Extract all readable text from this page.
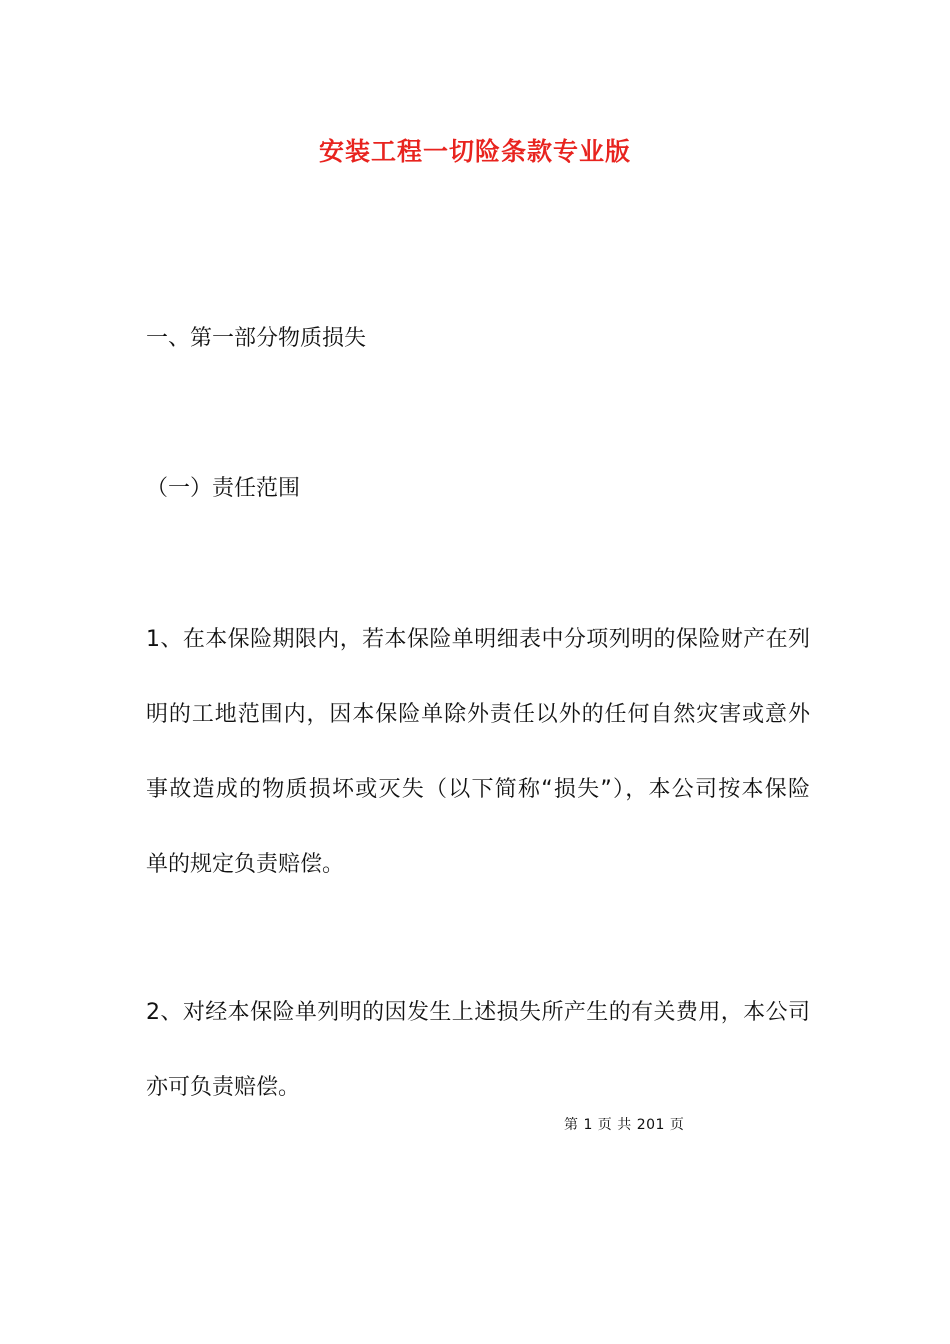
安装工程一切险条款专业版
一、第一部分物质损失
（一）责任范围
1、在本保险期限内，若本保险单明细表中分项列明的保险财产在列
明的工地范围内，因本保险单除外责任以外的任何自然灾害或意外
事故造成的物质损坏或灭失（以下简称“损失”），本公司按本保险
单的规定负责赔偿。
2、对经本保险单列明的因发生上述损失所产生的有关费用，本公司
亦可负责赔偿。
第 1 页 共 201 页
